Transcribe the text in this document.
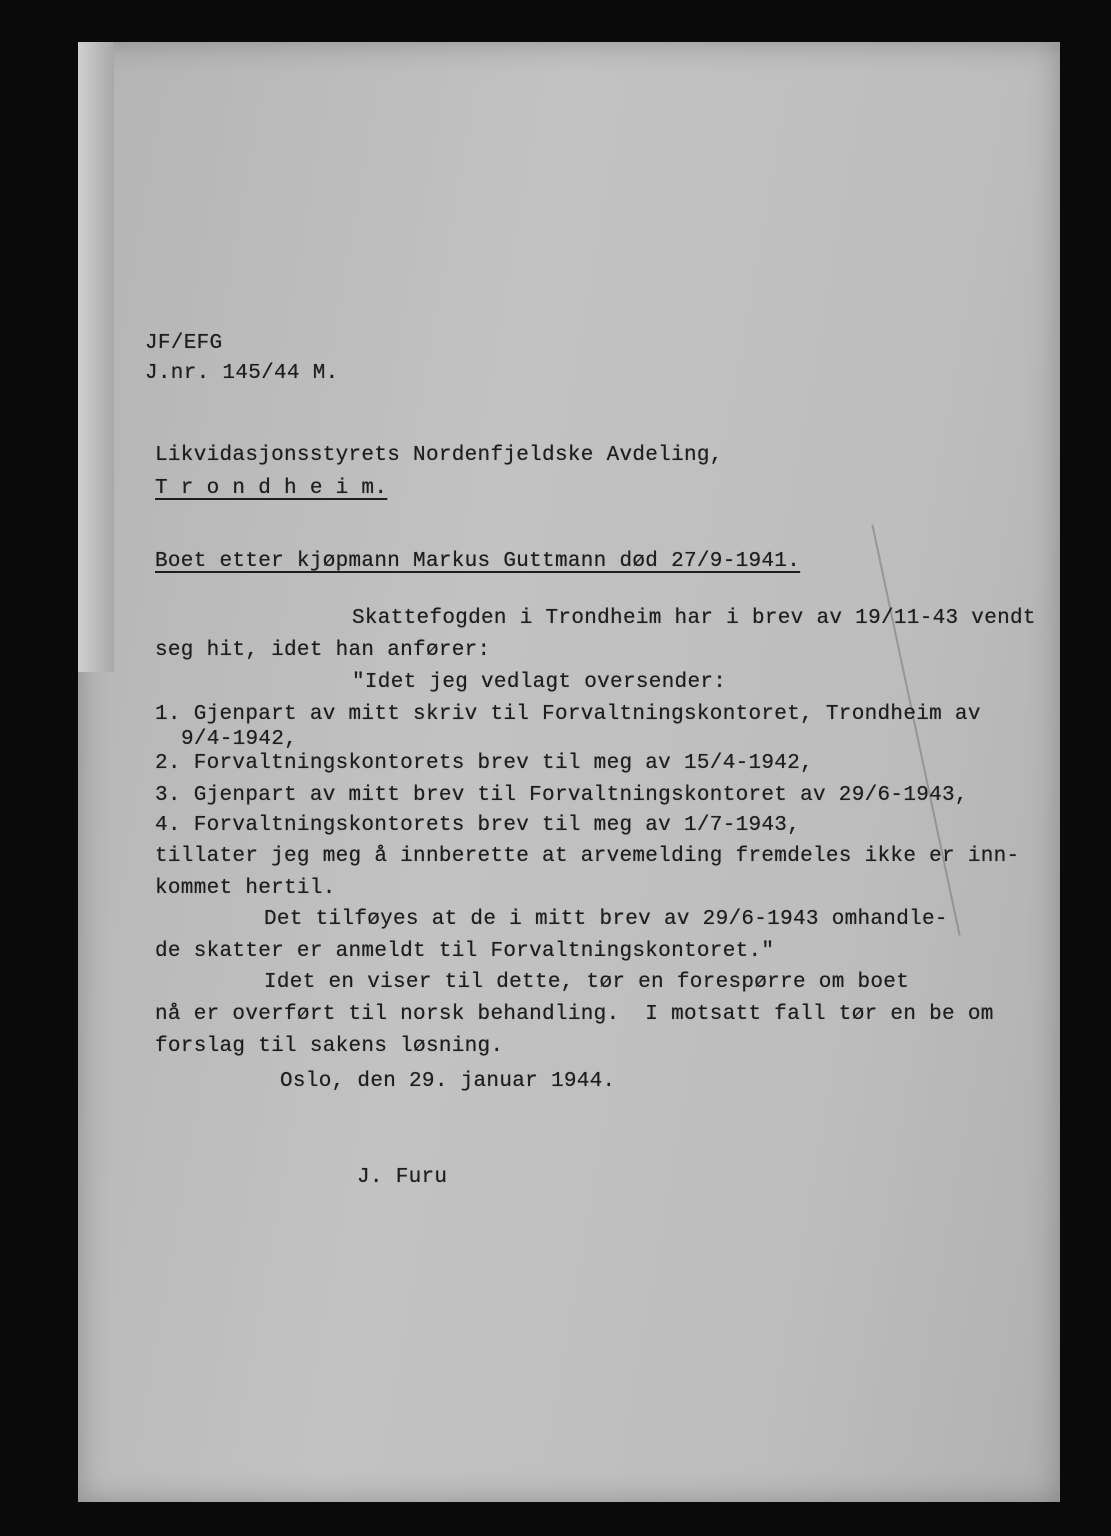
JF/EFG
J.nr. 145/44 M.
Likvidasjonsstyrets Nordenfjeldske Avdeling,
T r o n d h e i m.
Boet etter kjøpmann Markus Guttmann død 27/9-1941.
Skattefogden i Trondheim har i brev av 19/11-43 vendt
seg hit, idet han anfører:
"Idet jeg vedlagt oversender:
1. Gjenpart av mitt skriv til Forvaltningskontoret, Trondheim av
9/4-1942,
2. Forvaltningskontorets brev til meg av 15/4-1942,
3. Gjenpart av mitt brev til Forvaltningskontoret av 29/6-1943,
4. Forvaltningskontorets brev til meg av 1/7-1943,
tillater jeg meg å innberette at arvemelding fremdeles ikke er inn-
kommet hertil.
Det tilføyes at de i mitt brev av 29/6-1943 omhandle-
de skatter er anmeldt til Forvaltningskontoret."
Idet en viser til dette, tør en forespørre om boet
nå er overført til norsk behandling.  I motsatt fall tør en be om
forslag til sakens løsning.
Oslo, den 29. januar 1944.
J. Furu
